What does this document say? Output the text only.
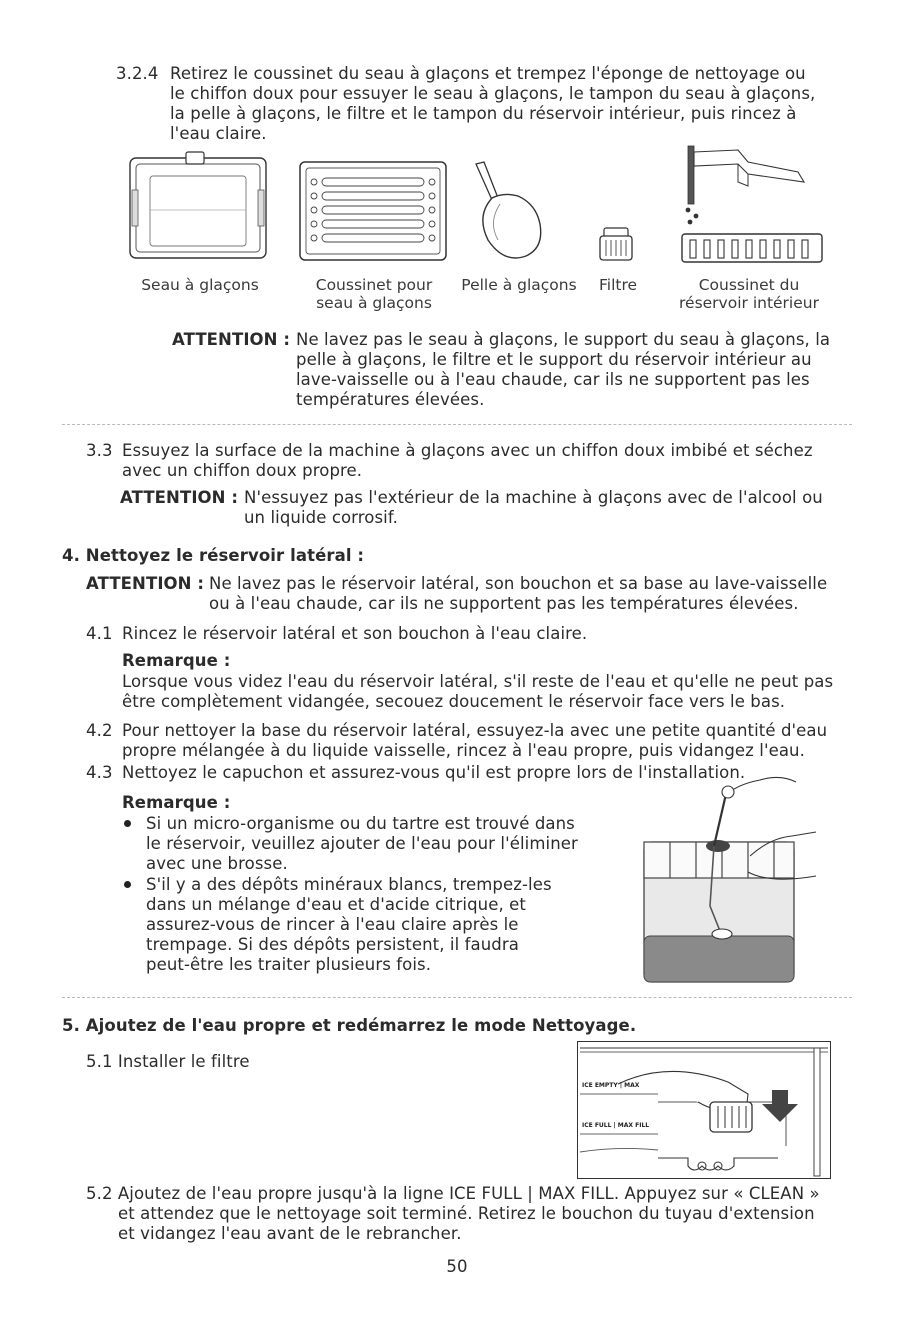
3.2.4 Retirez le coussinet du seau à glaçons et trempez l'éponge de nettoyage ou
le chiffon doux pour essuyer le seau à glaçons, le tampon du seau à glaçons,
la pelle à glaçons, le filtre et le tampon du réservoir intérieur, puis rincez à
l'eau claire.
Seau à glaçons	Coussinet pour
seau à glaçons
Pelle à glaçons	Filtre	Coussinet du
réservoir intérieur
ATTENTION : Ne lavez pas le seau à glaçons, le support du seau à glaçons, la
pelle à glaçons, le filtre et le support du réservoir intérieur au
lave-vaisselle ou à l'eau chaude, car ils ne supportent pas les
températures élevées.
3.3 Essuyez la surface de la machine à glaçons avec un chiffon doux imbibé et séchez
avec un chiffon doux propre.
ATTENTION : N'essuyez pas l'extérieur de la machine à glaçons avec de l'alcool ou
un liquide corrosif.
4. Nettoyez le réservoir latéral :
ATTENTION : Ne lavez pas le réservoir latéral, son bouchon et sa base au lave-vaisselle
ou à l'eau chaude, car ils ne supportent pas les températures élevées.
4.1 Rincez le réservoir latéral et son bouchon à l'eau claire.
Remarque :
Lorsque vous videz l'eau du réservoir latéral, s'il reste de l'eau et qu'elle ne peut pas
être complètement vidangée, secouez doucement le réservoir face vers le bas.
4.2 Pour nettoyer la base du réservoir latéral, essuyez-la avec une petite quantité d'eau
propre mélangée à du liquide vaisselle, rincez à l'eau propre, puis vidangez l'eau.
4.3 Nettoyez le capuchon et assurez-vous qu'il est propre lors de l'installation.
Remarque :
Si un micro-organisme ou du tartre est trouvé dans
le réservoir, veuillez ajouter de l'eau pour l'éliminer
avec une brosse.
S'il y a des dépôts minéraux blancs, trempez-les
dans un mélange d'eau et d'acide citrique, et
assurez-vous de rincer à l'eau claire après le
trempage. Si des dépôts persistent, il faudra
peut-être les traiter plusieurs fois.
5. Ajoutez de l'eau propre et redémarrez le mode Nettoyage.
5.1 Installer le filtre
ICE EMPTY | MAX
ICE FULL | MAX FILL
5.2 Ajoutez de l'eau propre jusqu'à la ligne ICE FULL | MAX FILL. Appuyez sur « CLEAN »
et attendez que le nettoyage soit terminé. Retirez le bouchon du tuyau d'extension
et vidangez l'eau avant de le rebrancher.
50
